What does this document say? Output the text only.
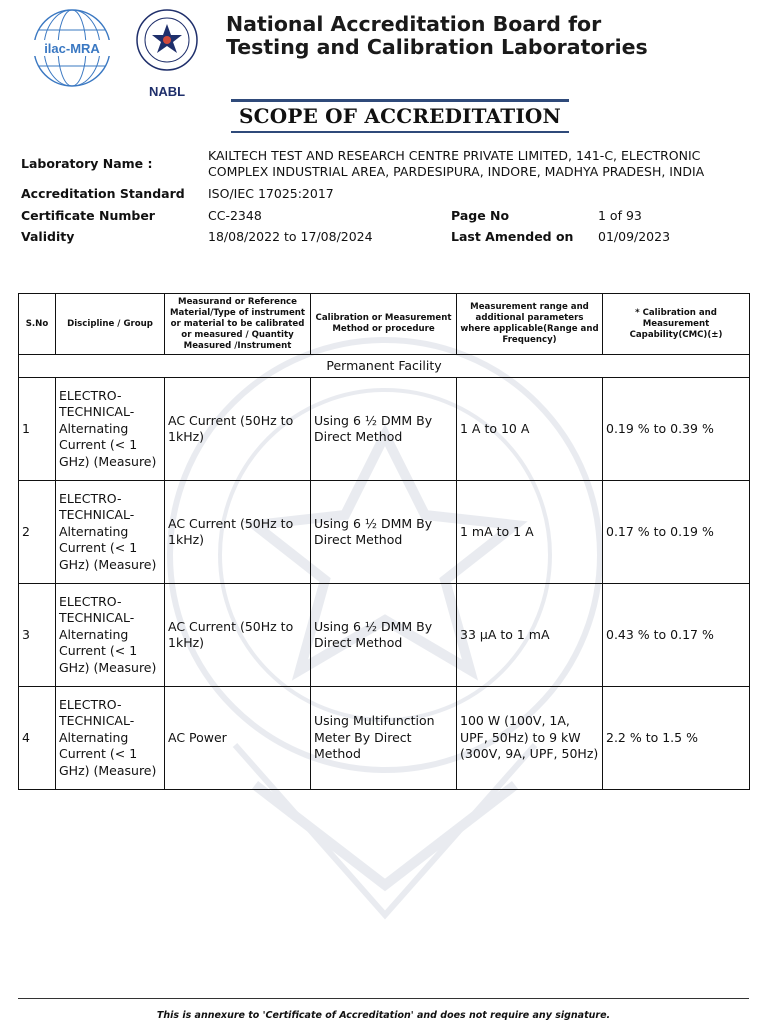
ilac-MRA
NABL
National Accreditation Board for
Testing and Calibration Laboratories
SCOPE OF ACCREDITATION
Laboratory Name :
KAILTECH TEST AND RESEARCH CENTRE PRIVATE LIMITED, 141-C, ELECTRONIC
COMPLEX INDUSTRIAL AREA, PARDESIPURA, INDORE, MADHYA PRADESH, INDIA
Accreditation Standard ISO/IEC 17025:2017
Certificate Number	CC-2348	Page No	1 of 93
Validity	18/08/2022 to 17/08/2024	Last Amended on 01/09/2023
S.No	Discipline / Group	Measurand or Reference Material/Type of instrument or material to be calibrated or measured / Quantity Measured /Instrument	Calibration or Measurement Method or procedure	Measurement range and additional parameters where applicable(Range and Frequency)	* Calibration and Measurement Capability(CMC)(±)
Permanent Facility					
1	ELECTRO-TECHNICAL-Alternating Current (< 1 GHz) (Measure)	AC Current (50Hz to 1kHz)	Using 6 ½ DMM By Direct Method	1 A to 10 A	0.19 % to 0.39 %
2	ELECTRO-TECHNICAL-Alternating Current (< 1 GHz) (Measure)	AC Current (50Hz to 1kHz)	Using 6 ½ DMM By Direct Method	1 mA to 1 A	0.17 % to 0.19 %
3	ELECTRO-TECHNICAL-Alternating Current (< 1 GHz) (Measure)	AC Current (50Hz to 1kHz)	Using 6 ½ DMM By Direct Method	33 µA to 1 mA	0.43 % to 0.17 %
4	ELECTRO-TECHNICAL-Alternating Current (< 1 GHz) (Measure)	AC Power	Using Multifunction Meter By Direct Method	100 W (100V, 1A, UPF, 50Hz) to 9 kW (300V, 9A, UPF, 50Hz)	2.2 % to 1.5 %
This is annexure to 'Certificate of Accreditation' and does not require any signature.
